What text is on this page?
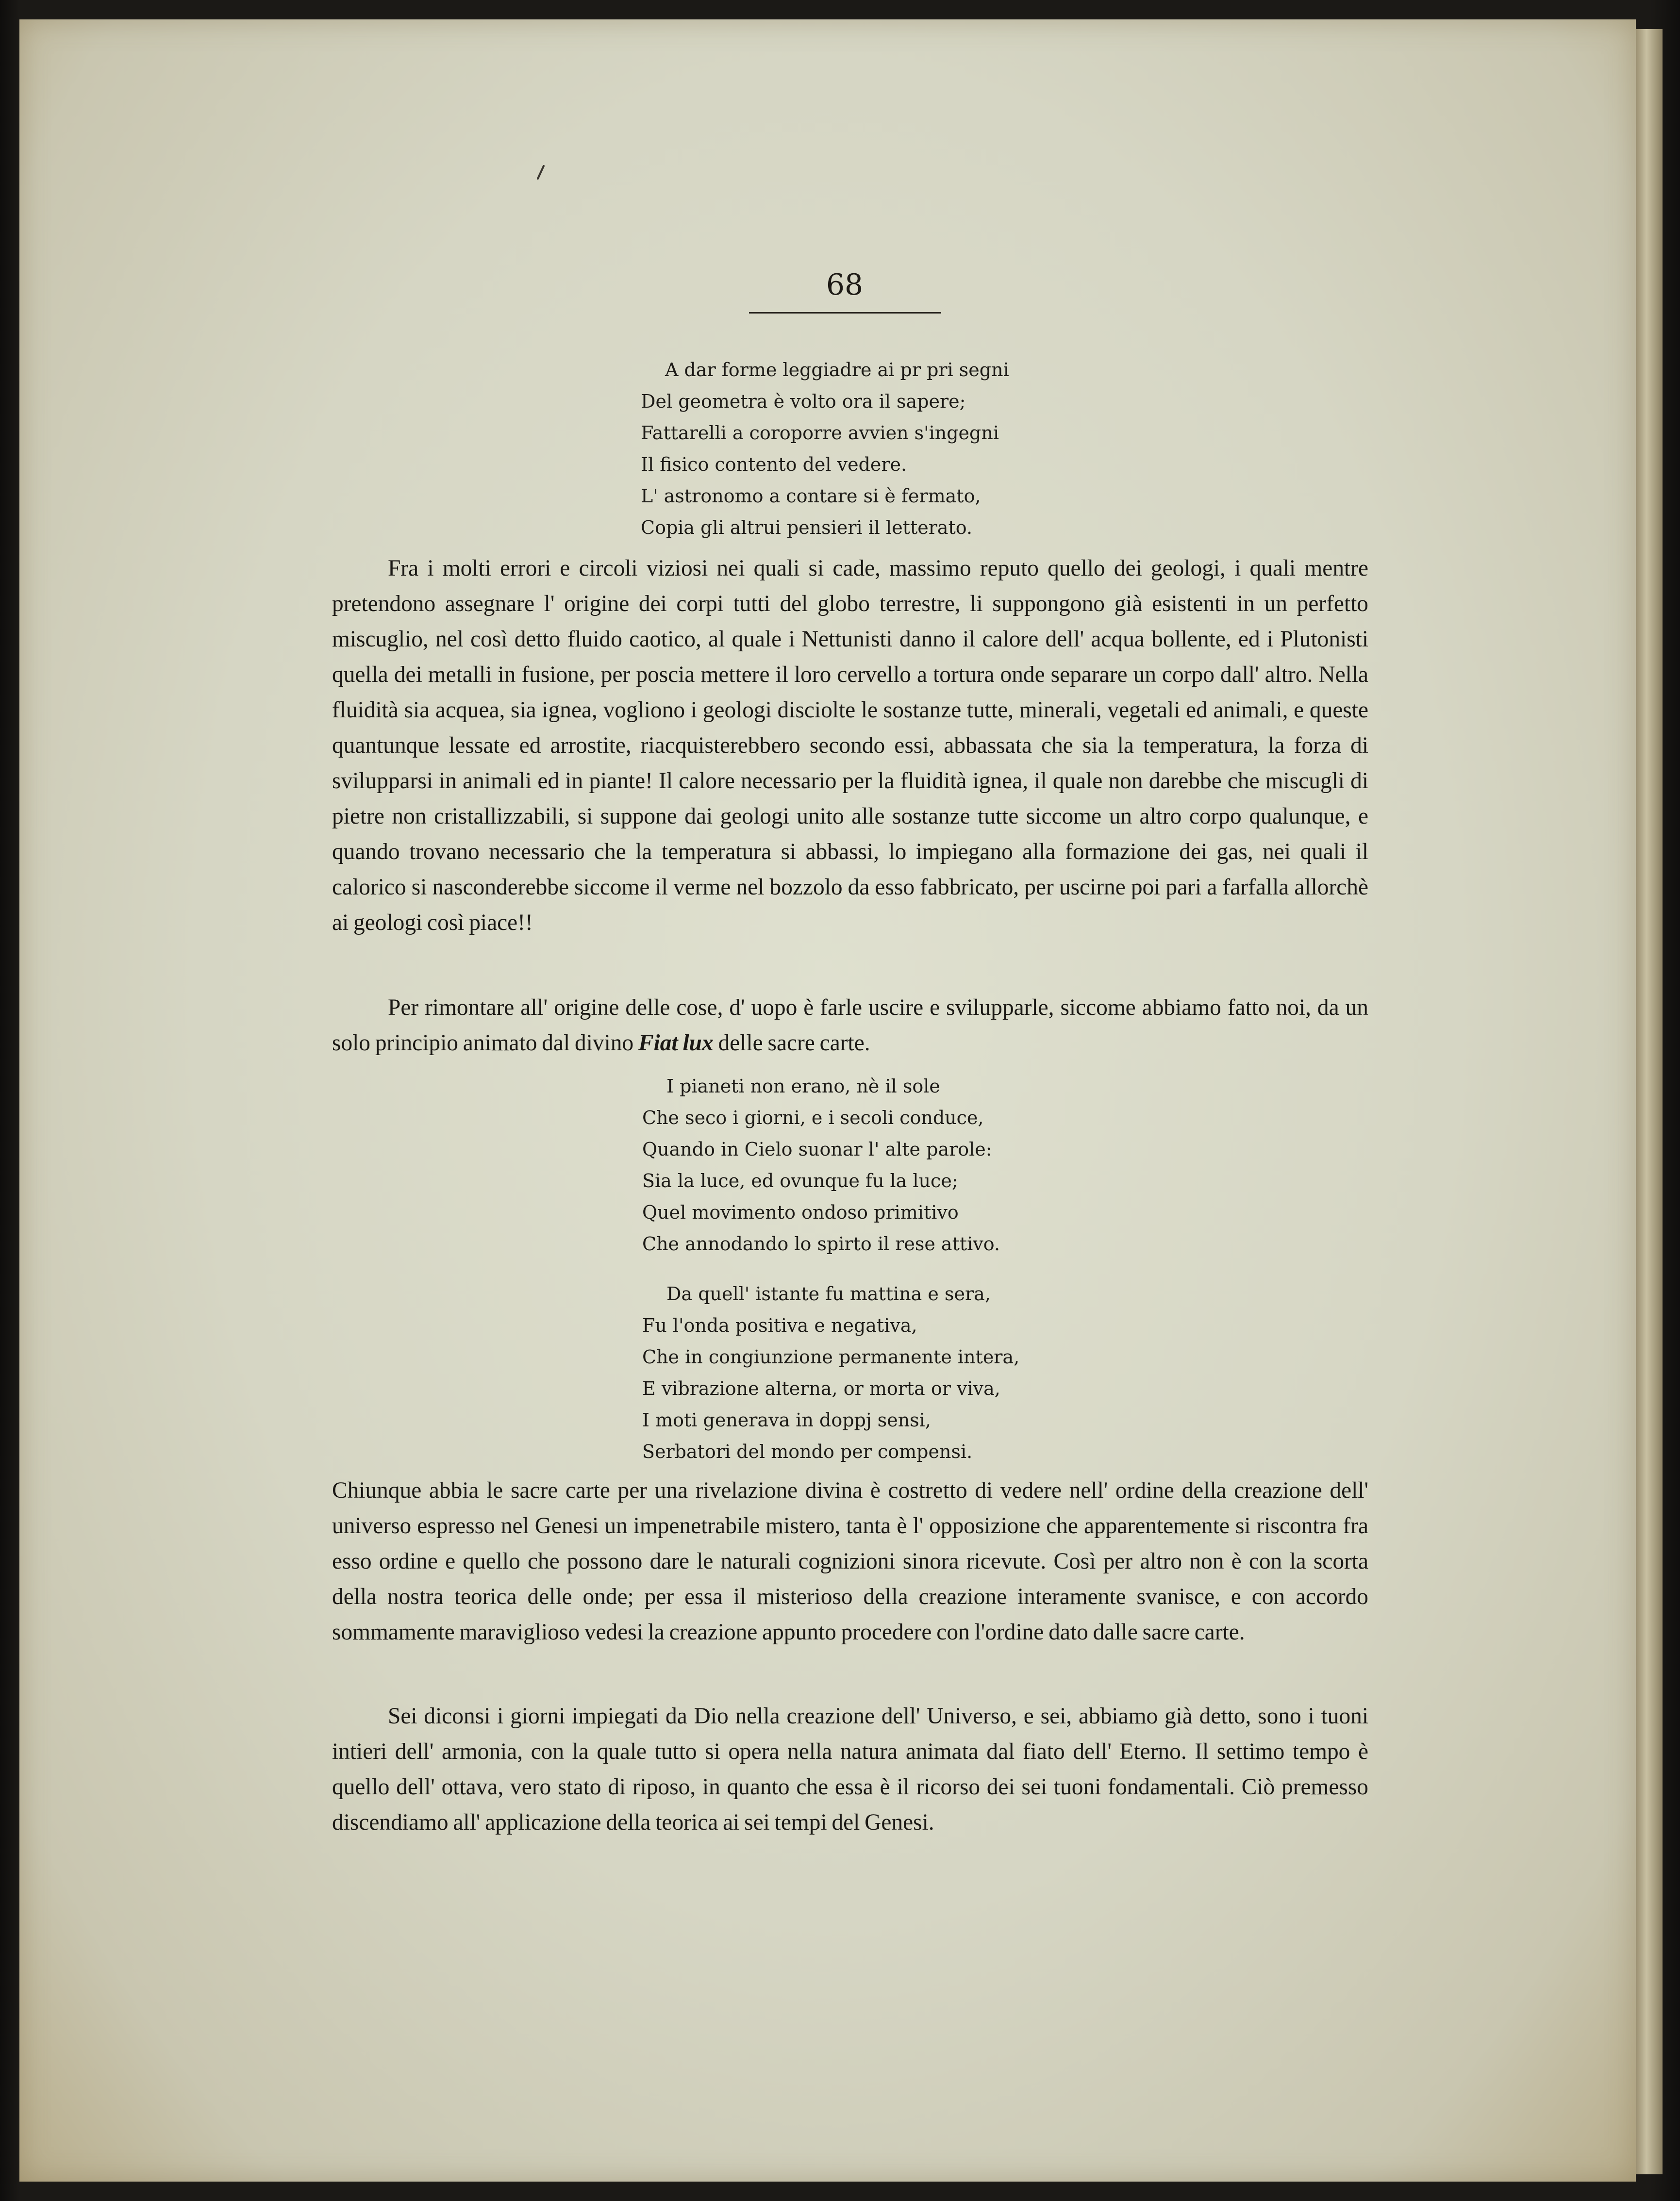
68
A dar forme leggiadre ai pr pri segni
Del geometra è volto ora il sapere;
Fattarelli a coroporre avvien s'ingegni
Il fisico contento del vedere.
L' astronomo a contare si è fermato,
Copia gli altrui pensieri il letterato.

Fra i molti errori e circoli viziosi nei quali si cade, massimo reputo quello dei geologi, i quali mentre pretendono assegnare l' origine dei corpi tutti del globo terrestre, li suppongono già esistenti in un perfetto miscuglio, nel così detto fluido caotico, al quale i Nettunisti danno il calore dell' acqua bollente, ed i Plutonisti quella dei metalli in fusione, per poscia mettere il loro cervello a tortura onde separare un corpo dall' altro. Nella fluidità sia acquea, sia ignea, vogliono i geologi disciolte le sostanze tutte, minerali, vegetali ed animali, e queste quantunque lessate ed arrostite, riacquisterebbero secondo essi, abbassata che sia la temperatura, la forza di svilupparsi in animali ed in piante! Il calore necessario per la fluidità ignea, il quale non darebbe che miscugli di pietre non cristallizzabili, si suppone dai geologi unito alle sostanze tutte siccome un altro corpo qualunque, e quando trovano necessario che la temperatura si abbassi, lo impiegano alla formazione dei gas, nei quali il calorico si nasconderebbe siccome il verme nel bozzolo da esso fabbricato, per uscirne poi pari a farfalla allorchè ai geologi così piace!!

Per rimontare all' origine delle cose, d' uopo è farle uscire e svilupparle, siccome abbiamo fatto noi, da un solo principio animato dal divino Fiat lux delle sacre carte.

I pianeti non erano, nè il sole
Che seco i giorni, e i secoli conduce,
Quando in Cielo suonar l' alte parole:
Sia la luce, ed ovunque fu la luce;
Quel movimento ondoso primitivo
Che annodando lo spirto il rese attivo.
Da quell' istante fu mattina e sera,
Fu l'onda positiva e negativa,
Che in congiunzione permanente intera,
E vibrazione alterna, or morta or viva,
I moti generava in doppj sensi,
Serbatori del mondo per compensi.

Chiunque abbia le sacre carte per una rivelazione divina è costretto di vedere nell' ordine della creazione dell' universo espresso nel Genesi un impenetrabile mistero, tanta è l' opposizione che apparentemente si riscontra fra esso ordine e quello che possono dare le naturali cognizioni sinora ricevute. Così per altro non è con la scorta della nostra teorica delle onde; per essa il misterioso della creazione interamente svanisce, e con accordo sommamente maraviglioso vedesi la creazione appunto procedere con l'ordine dato dalle sacre carte.

Sei diconsi i giorni impiegati da Dio nella creazione dell' Universo, e sei, abbiamo già detto, sono i tuoni intieri dell' armonia, con la quale tutto si opera nella natura animata dal fiato dell' Eterno. Il settimo tempo è quello dell' ottava, vero stato di riposo, in quanto che essa è il ricorso dei sei tuoni fondamentali. Ciò premesso discendiamo all' applicazione della teorica ai sei tempi del Genesi.
